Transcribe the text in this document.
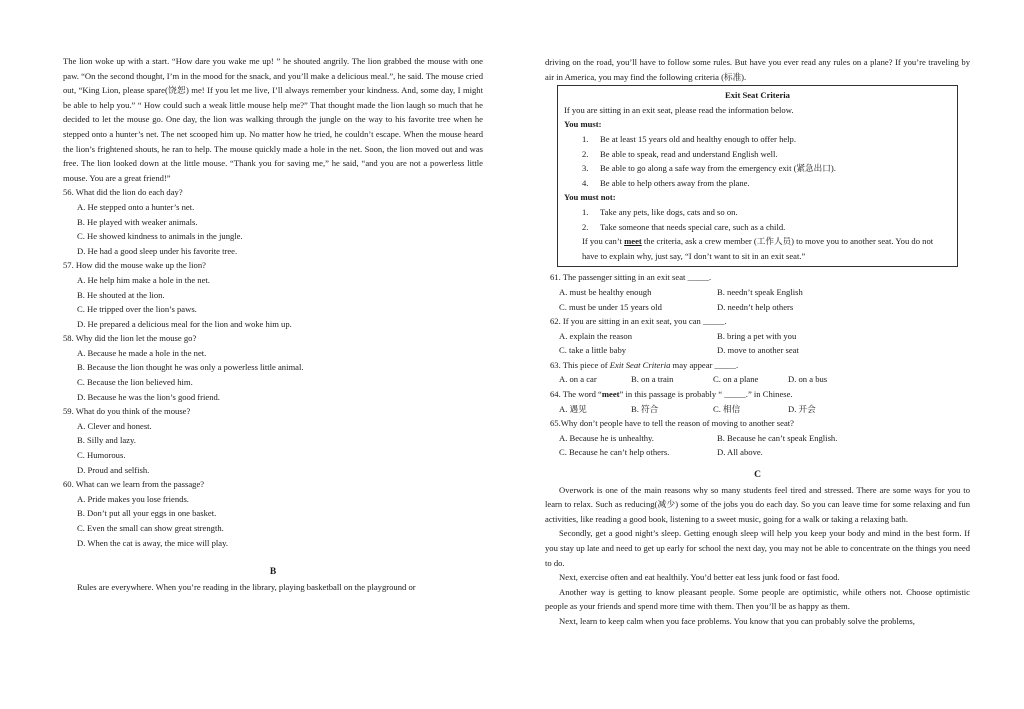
The lion woke up with a start. “How dare you wake me up! ” he shouted angrily. The lion grabbed the mouse with one paw. “On the second thought, I’m in the mood for the snack, and you’ll make a delicious meal.”, he said. The mouse cried out, “King Lion, please spare(饶恕) me! If you let me live, I’ll always remember your kindness. And, some day, I might be able to help you.” “ How could such a weak little mouse help me?” That thought made the lion laugh so much that he decided to let the mouse go. One day, the lion was walking through the jungle on the way to his favorite tree when he stepped onto a hunter’s net. The net scooped him up. No matter how he tried, he couldn’t escape. When the mouse heard the lion’s frightened shouts, he ran to help. The mouse quickly made a hole in the net. Soon, the lion moved out and was free. The lion looked down at the little mouse. “Thank you for saving me,” he said, “and you are not a powerless little mouse. You are a great friend!”

56. What did the lion do each day?
A. He stepped onto a hunter’s net.
B. He played with weaker animals.
C. He showed kindness to animals in the jungle.
D. He had a good sleep under his favorite tree.
57. How did the mouse wake up the lion?
A. He help him make a hole in the net.
B. He shouted at the lion.
C. He tripped over the lion’s paws.
D. He prepared a delicious meal for the lion and woke him up.
58. Why did the lion let the mouse go?
A. Because he made a hole in the net.
B. Because the lion thought he was only a powerless little animal.
C. Because the lion believed him.
D. Because he was the lion’s good friend.
59. What do you think of the mouse?
A. Clever and honest.
B. Silly and lazy.
C. Humorous.
D. Proud and selfish.
60. What can we learn from the passage?
A. Pride makes you lose friends.
B. Don’t put all your eggs in one basket.
C. Even the small can show great strength.
D. When the cat is away, the mice will play.

B

Rules are everywhere. When you’re reading in the library, playing basketball on the playground or

driving on the road, you’ll have to follow some rules. But have you ever read any rules on a plane? If you’re traveling by air in America, you may find the following criteria (标准).

Exit Seat Criteria
If you are sitting in an exit seat, please read the information below.
You must:
1. Be at least 15 years old and healthy enough to offer help.
2. Be able to speak, read and understand English well.
3. Be able to go along a safe way from the emergency exit (紧急出口).
4. Be able to help others away from the plane.
You must not:
1. Take any pets, like dogs, cats and so on.
2. Take someone that needs special care, such as a child.
If you can’t meet the criteria, ask a crew member (工作人员) to move you to another seat. You do not have to explain why, just say, “I don’t want to sit in an exit seat.”
61. The passenger sitting in an exit seat _____.
A. must be healthy enough	B. needn’t speak English
C. must be under 15 years old	D. needn’t help others
62. If you are sitting in an exit seat, you can _____.
A. explain the reason	B. bring a pet with you
C. take a little baby	D. move to another seat
63. This piece of Exit Seat Criteria may appear _____.
A. on a car	B. on a train	C. on a plane	D. on a bus
64. The word “meet” in this passage is probably “ _____.” in Chinese.
A. 遇见	B. 符合	C. 相信	D. 开会
65.Why don’t people have to tell the reason of moving to another seat?
A. Because he is unhealthy.	B. Because he can’t speak English.
C. Because he can’t help others.	D. All above.

C

Overwork is one of the main reasons why so many students feel tired and stressed. There are some ways for you to learn to relax. Such as reducing(减少) some of the jobs you do each day. So you can leave time for some relaxing and fun activities, like reading a good book, listening to a sweet music, going for a walk or taking a relaxing bath.

Secondly, get a good night’s sleep. Getting enough sleep will help you keep your body and mind in the best form. If you stay up late and need to get up early for school the next day, you may not be able to concentrate on the things you need to do.

Next, exercise often and eat healthily. You’d better eat less junk food or fast food.

Another way is getting to know pleasant people. Some people are optimistic, while others not. Choose optimistic people as your friends and spend more time with them. Then you’ll be as happy as them.

Next, learn to keep calm when you face problems. You know that you can probably solve the problems,
